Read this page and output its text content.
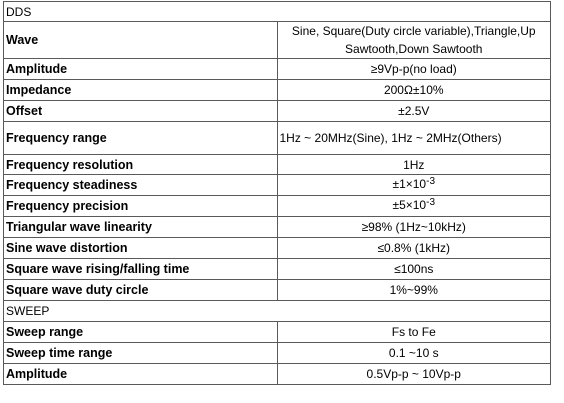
DDS	
Wave	Sine, Square(Duty circle variable),Triangle,Up
Sawtooth,Down Sawtooth

Amplitude	≥9Vp-p(no load)
Impedance	200Ω±10%
Offset	±2.5V
Frequency range	1Hz ~ 20MHz(Sine), 1Hz ~ 2MHz(Others)
Frequency resolution	1Hz
Frequency steadiness	$\pm 1\times 10^{-3}$
Frequency precision	$\pm 5\times 10^{-3}$
Triangular wave linearity	≥98% (1Hz~10kHz)
Sine wave distortion	≤0.8% (1kHz)
Square wave rising/falling time	≤100ns
Square wave duty circle	1%~99%
SWEEP	
Sweep range	Fs to Fe
Sweep time range	0.1 ~10 s
Amplitude	0.5Vp-p ~ 10Vp-p
